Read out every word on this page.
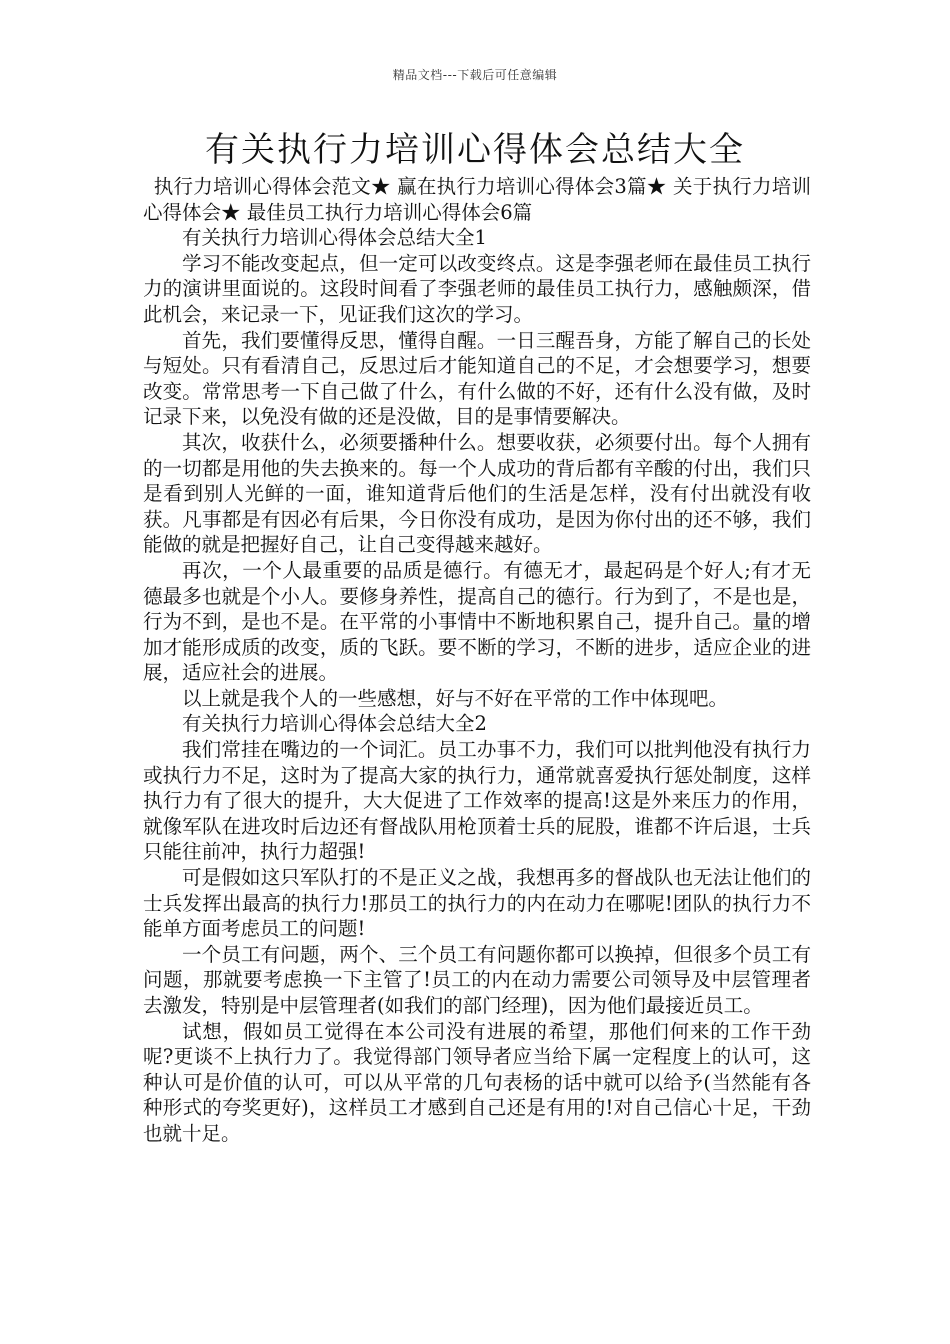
精品文档---下载后可任意编辑
有关执行力培训心得体会总结大全

执行力培训心得体会范文★ 赢在执行力培训心得体会3篇★ 关于执行力培训心得体会★ 最佳员工执行力培训心得体会6篇

有关执行力培训心得体会总结大全1

学习不能改变起点，但一定可以改变终点。这是李强老师在最佳员工执行力的演讲里面说的。这段时间看了李强老师的最佳员工执行力，感触颇深，借此机会，来记录一下，见证我们这次的学习。

首先，我们要懂得反思，懂得自醒。一日三醒吾身，方能了解自己的长处与短处。只有看清自己，反思过后才能知道自己的不足，才会想要学习，想要改变。常常思考一下自己做了什么，有什么做的不好，还有什么没有做，及时记录下来，以免没有做的还是没做，目的是事情要解决。

其次，收获什么，必须要播种什么。想要收获，必须要付出。每个人拥有的一切都是用他的失去换来的。每一个人成功的背后都有辛酸的付出，我们只是看到别人光鲜的一面，谁知道背后他们的生活是怎样，没有付出就没有收获。凡事都是有因必有后果，今日你没有成功，是因为你付出的还不够，我们能做的就是把握好自己，让自己变得越来越好。

再次，一个人最重要的品质是德行。有德无才，最起码是个好人;有才无德最多也就是个小人。要修身养性，提高自己的德行。行为到了，不是也是，行为不到，是也不是。在平常的小事情中不断地积累自己，提升自己。量的增加才能形成质的改变，质的飞跃。要不断的学习，不断的进步，适应企业的进展，适应社会的进展。

以上就是我个人的一些感想，好与不好在平常的工作中体现吧。

有关执行力培训心得体会总结大全2

我们常挂在嘴边的一个词汇。员工办事不力，我们可以批判他没有执行力或执行力不足，这时为了提高大家的执行力，通常就喜爱执行惩处制度，这样执行力有了很大的提升，大大促进了工作效率的提高!这是外来压力的作用，就像军队在进攻时后边还有督战队用枪顶着士兵的屁股，谁都不许后退，士兵只能往前冲，执行力超强!

可是假如这只军队打的不是正义之战，我想再多的督战队也无法让他们的士兵发挥出最高的执行力!那员工的执行力的内在动力在哪呢!团队的执行力不能单方面考虑员工的问题!

一个员工有问题，两个、三个员工有问题你都可以换掉，但很多个员工有问题，那就要考虑换一下主管了!员工的内在动力需要公司领导及中层管理者去激发，特别是中层管理者(如我们的部门经理)，因为他们最接近员工。

试想，假如员工觉得在本公司没有进展的希望，那他们何来的工作干劲呢?更谈不上执行力了。我觉得部门领导者应当给下属一定程度上的认可，这种认可是价值的认可，可以从平常的几句表杨的话中就可以给予(当然能有各种形式的夸奖更好)，这样员工才感到自己还是有用的!对自己信心十足，干劲也就十足。
